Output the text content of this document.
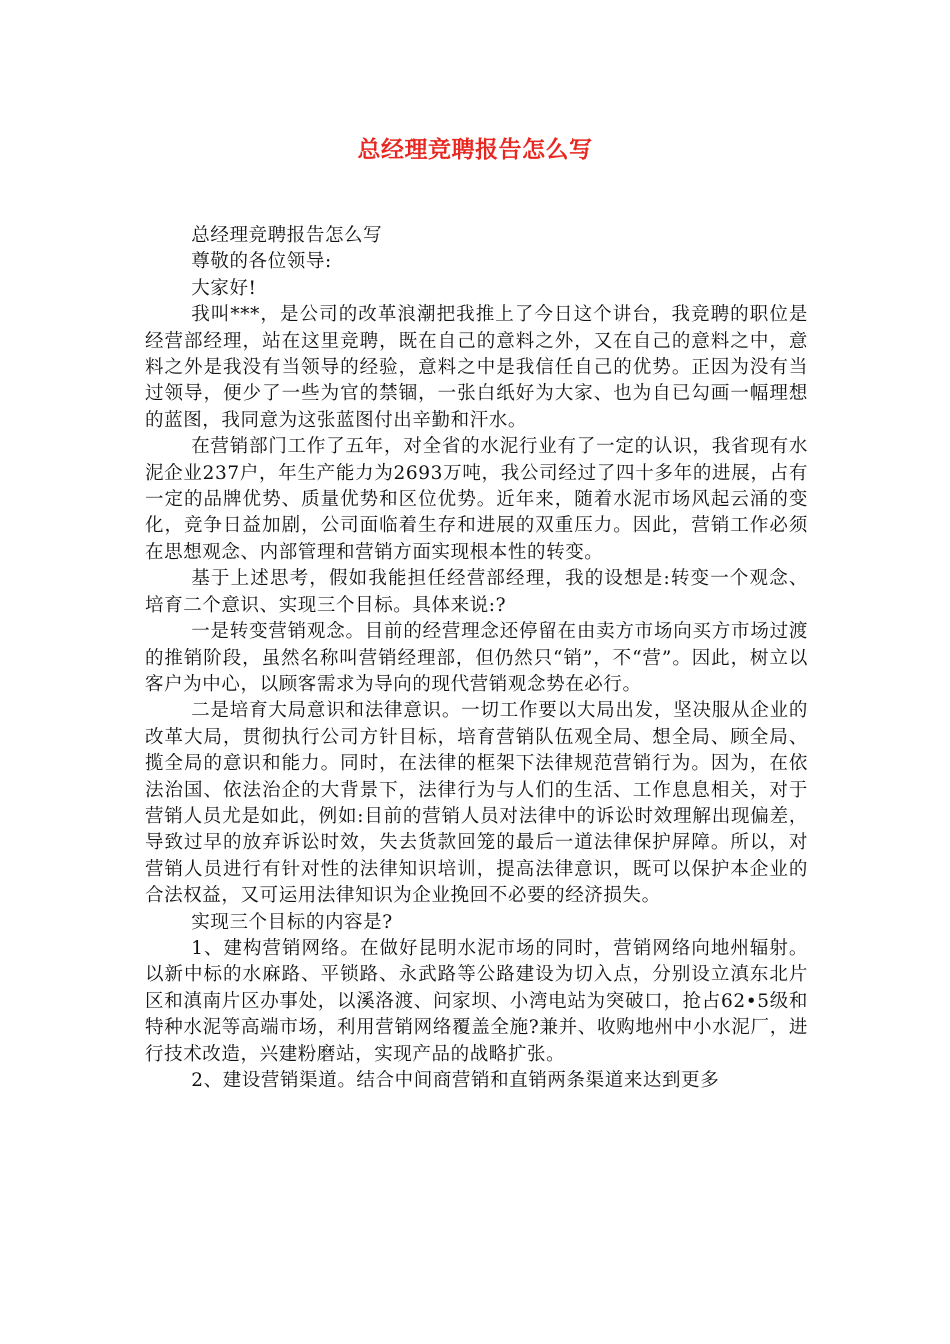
总经理竞聘报告怎么写

总经理竞聘报告怎么写

尊敬的各位领导:

大家好!

我叫***，是公司的改革浪潮把我推上了今日这个讲台，我竞聘的职位是经营部经理，站在这里竞聘，既在自己的意料之外，又在自己的意料之中，意料之外是我没有当领导的经验，意料之中是我信任自己的优势。正因为没有当过领导，便少了一些为官的禁锢，一张白纸好为大家、也为自已勾画一幅理想的蓝图，我同意为这张蓝图付出辛勤和汗水。

在营销部门工作了五年，对全省的水泥行业有了一定的认识，我省现有水泥企业237户，年生产能力为2693万吨，我公司经过了四十多年的进展，占有一定的品牌优势、质量优势和区位优势。近年来，随着水泥市场风起云涌的变化，竞争日益加剧，公司面临着生存和进展的双重压力。因此，营销工作必须在思想观念、内部管理和营销方面实现根本性的转变。

基于上述思考，假如我能担任经营部经理，我的设想是:转变一个观念、培育二个意识、实现三个目标。具体来说:?

一是转变营销观念。目前的经营理念还停留在由卖方市场向买方市场过渡的推销阶段，虽然名称叫营销经理部，但仍然只“销”，不“营”。因此，树立以客户为中心，以顾客需求为导向的现代营销观念势在必行。

二是培育大局意识和法律意识。一切工作要以大局出发，坚决服从企业的改革大局，贯彻执行公司方针目标，培育营销队伍观全局、想全局、顾全局、揽全局的意识和能力。同时，在法律的框架下法律规范营销行为。因为，在依法治国、依法治企的大背景下，法律行为与人们的生活、工作息息相关，对于营销人员尤是如此，例如:目前的营销人员对法律中的诉讼时效理解出现偏差，导致过早的放弃诉讼时效，失去货款回笼的最后一道法律保护屏障。所以，对营销人员进行有针对性的法律知识培训，提高法律意识，既可以保护本企业的合法权益，又可运用法律知识为企业挽回不必要的经济损失。

实现三个目标的内容是?

1、建构营销网络。在做好昆明水泥市场的同时，营销网络向地州辐射。以新中标的水麻路、平锁路、永武路等公路建设为切入点，分别设立滇东北片区和滇南片区办事处，以溪洛渡、问家坝、小湾电站为突破口，抢占62•5级和特种水泥等高端市场，利用营销网络覆盖全施?兼并、收购地州中小水泥厂，进行技术改造，兴建粉磨站，实现产品的战略扩张。

2、建设营销渠道。结合中间商营销和直销两条渠道来达到更多
